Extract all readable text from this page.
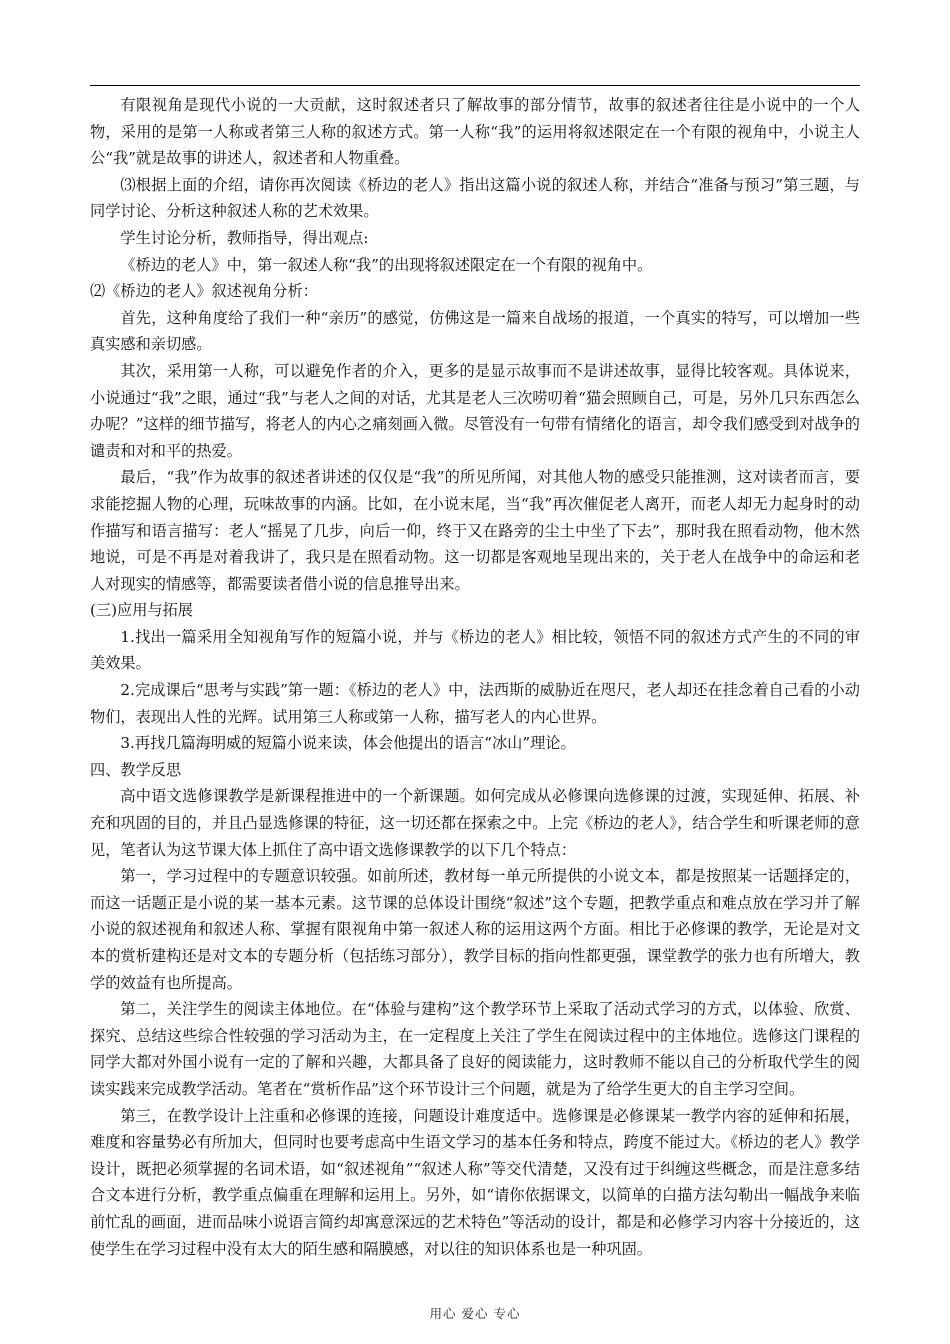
有限视角是现代小说的一大贡献，这时叙述者只了解故事的部分情节，故事的叙述者往往是小说中的一个人物，采用的是第一人称或者第三人称的叙述方式。第一人称“我”的运用将叙述限定在一个有限的视角中，小说主人公“我”就是故事的讲述人，叙述者和人物重叠。

⑶根据上面的介绍，请你再次阅读《桥边的老人》指出这篇小说的叙述人称，并结合“准备与预习”第三题，与同学讨论、分析这种叙述人称的艺术效果。

学生讨论分析，教师指导，得出观点:

《桥边的老人》中，第一叙述人称“我”的出现将叙述限定在一个有限的视角中。

⑵《桥边的老人》叙述视角分析：

首先，这种角度给了我们一种“亲历”的感觉，仿佛这是一篇来自战场的报道，一个真实的特写，可以增加一些真实感和亲切感。

其次，采用第一人称，可以避免作者的介入，更多的是显示故事而不是讲述故事，显得比较客观。具体说来，小说通过“我”之眼，通过“我”与老人之间的对话，尤其是老人三次唠叨着“猫会照顾自己，可是，另外几只东西怎么办呢？”这样的细节描写，将老人的内心之痛刻画入微。尽管没有一句带有情绪化的语言，却令我们感受到对战争的谴责和对和平的热爱。

最后，“我”作为故事的叙述者讲述的仅仅是“我”的所见所闻，对其他人物的感受只能推测，这对读者而言，要求能挖掘人物的心理，玩味故事的内涵。比如，在小说末尾，当“我”再次催促老人离开，而老人却无力起身时的动作描写和语言描写：老人“摇晃了几步，向后一仰，终于又在路旁的尘土中坐了下去”，那时我在照看动物，他木然地说，可是不再是对着我讲了，我只是在照看动物。这一切都是客观地呈现出来的，关于老人在战争中的命运和老人对现实的情感等，都需要读者借小说的信息推导出来。

(三)应用与拓展

1.找出一篇采用全知视角写作的短篇小说，并与《桥边的老人》相比较，领悟不同的叙述方式产生的不同的审美效果。

2.完成课后“思考与实践”第一题：《桥边的老人》中，法西斯的威胁近在咫尺，老人却还在挂念着自己看的小动物们，表现出人性的光辉。试用第三人称或第一人称，描写老人的内心世界。

3.再找几篇海明威的短篇小说来读，体会他提出的语言“冰山”理论。

四、教学反思

高中语文选修课教学是新课程推进中的一个新课题。如何完成从必修课向选修课的过渡，实现延伸、拓展、补充和巩固的目的，并且凸显选修课的特征，这一切还都在探索之中。上完《桥边的老人》，结合学生和听课老师的意见，笔者认为这节课大体上抓住了高中语文选修课教学的以下几个特点：

第一，学习过程中的专题意识较强。如前所述，教材每一单元所提供的小说文本，都是按照某一话题择定的，而这一话题正是小说的某一基本元素。这节课的总体设计围绕“叙述”这个专题，把教学重点和难点放在学习并了解小说的叙述视角和叙述人称、掌握有限视角中第一叙述人称的运用这两个方面。相比于必修课的教学，无论是对文本的赏析建构还是对文本的专题分析（包括练习部分），教学目标的指向性都更强，课堂教学的张力也有所增大，教学的效益有也所提高。

第二，关注学生的阅读主体地位。在“体验与建构”这个教学环节上采取了活动式学习的方式，以体验、欣赏、探究、总结这些综合性较强的学习活动为主，在一定程度上关注了学生在阅读过程中的主体地位。选修这门课程的同学大都对外国小说有一定的了解和兴趣，大都具备了良好的阅读能力，这时教师不能以自己的分析取代学生的阅读实践来完成教学活动。笔者在“赏析作品”这个环节设计三个问题，就是为了给学生更大的自主学习空间。

第三，在教学设计上注重和必修课的连接，问题设计难度适中。选修课是必修课某一教学内容的延伸和拓展，难度和容量势必有所加大，但同时也要考虑高中生语文学习的基本任务和特点，跨度不能过大。《桥边的老人》教学设计，既把必须掌握的名词术语，如“叙述视角”“叙述人称”等交代清楚，又没有过于纠缠这些概念，而是注意多结合文本进行分析，教学重点偏重在理解和运用上。另外，如“请你依据课文，以简单的白描方法勾勒出一幅战争来临前忙乱的画面，进而品味小说语言简约却寓意深远的艺术特色”等活动的设计，都是和必修学习内容十分接近的，这使学生在学习过程中没有太大的陌生感和隔膜感，对以往的知识体系也是一种巩固。

用心 爱心 专心
